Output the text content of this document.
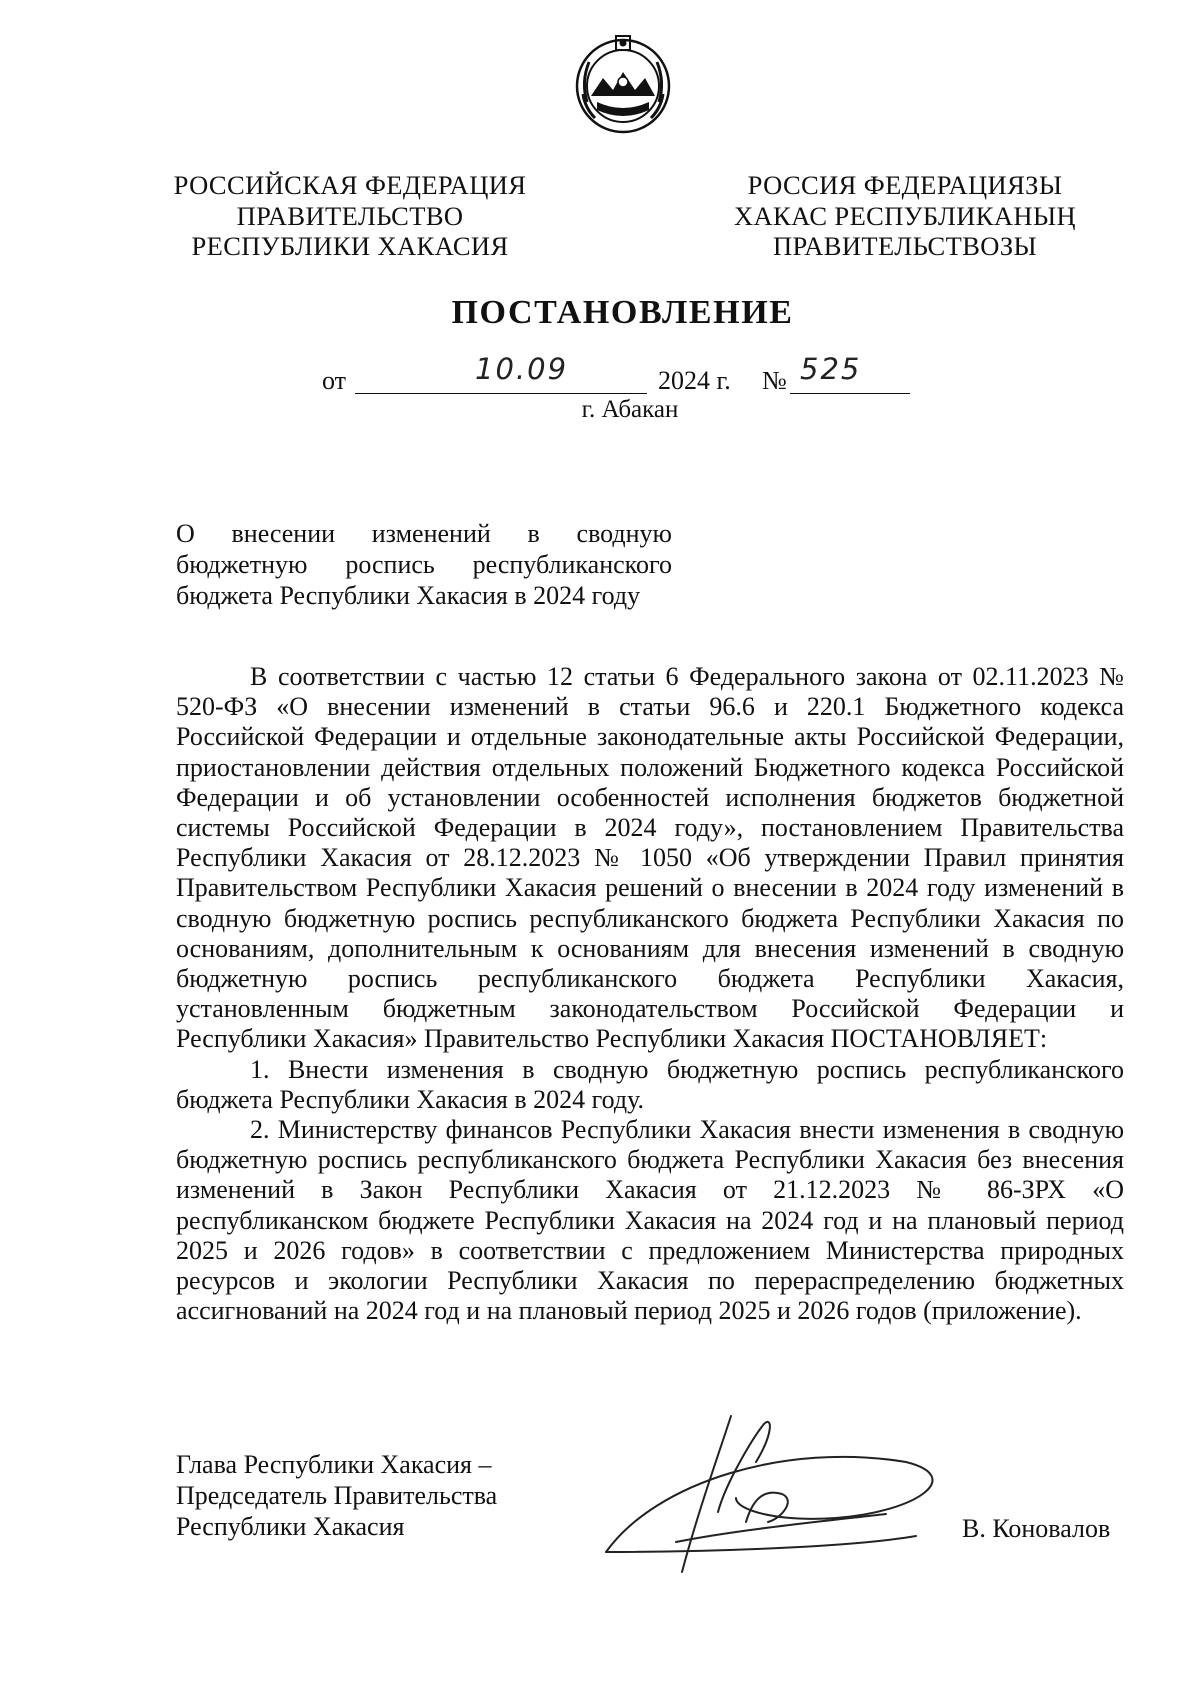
РОССИЙСКАЯ ФЕДЕРАЦИЯ
ПРАВИТЕЛЬСТВО
РЕСПУБЛИКИ ХАКАСИЯ
РОССИЯ ФЕДЕРАЦИЯЗЫ
ХАКАС РЕСПУБЛИКАНЫҢ
ПРАВИТЕЛЬСТВОЗЫ
ПОСТАНОВЛЕНИЕ
от	10.09	2024 г. № 525
г. Абакан
О внесении изменений в сводную
бюджетную роспись республиканского
бюджета Республики Хакасия в 2024 году

В соответствии с частью 12 статьи 6 Федерального закона от 02.11.2023 № 520-ФЗ «О внесении изменений в статьи 96.6 и 220.1 Бюджетного кодекса Российской Федерации и отдельные законодательные акты Российской Федерации, приостановлении действия отдельных положений Бюджетного кодекса Российской Федерации и об установлении особенностей исполнения бюджетов бюджетной системы Российской Федерации в 2024 году», постановлением Правительства Республики Хакасия от 28.12.2023 № 1050 «Об утверждении Правил принятия Правительством Республики Хакасия решений о внесении в 2024 году изменений в сводную бюджетную роспись республиканского бюджета Республики Хакасия по основаниям, дополнительным к основаниям для внесения изменений в сводную бюджетную роспись республиканского бюджета Республики Хакасия, установленным бюджетным законодательством Российской Федерации и Республики Хакасия» Правительство Республики Хакасия ПОСТАНОВЛЯЕТ:

1. Внести изменения в сводную бюджетную роспись республиканского бюджета Республики Хакасия в 2024 году.

2. Министерству финансов Республики Хакасия внести изменения в сводную бюджетную роспись республиканского бюджета Республики Хакасия без внесения изменений в Закон Республики Хакасия от 21.12.2023 № 86-ЗРХ «О республиканском бюджете Республики Хакасия на 2024 год и на плановый период 2025 и 2026 годов» в соответствии с предложением Министерства природных ресурсов и экологии Республики Хакасия по перераспределению бюджетных ассигнований на 2024 год и на плановый период 2025 и 2026 годов (приложение).

Глава Республики Хакасия –
Председатель Правительства
Республики Хакасия	В. Коновалов
